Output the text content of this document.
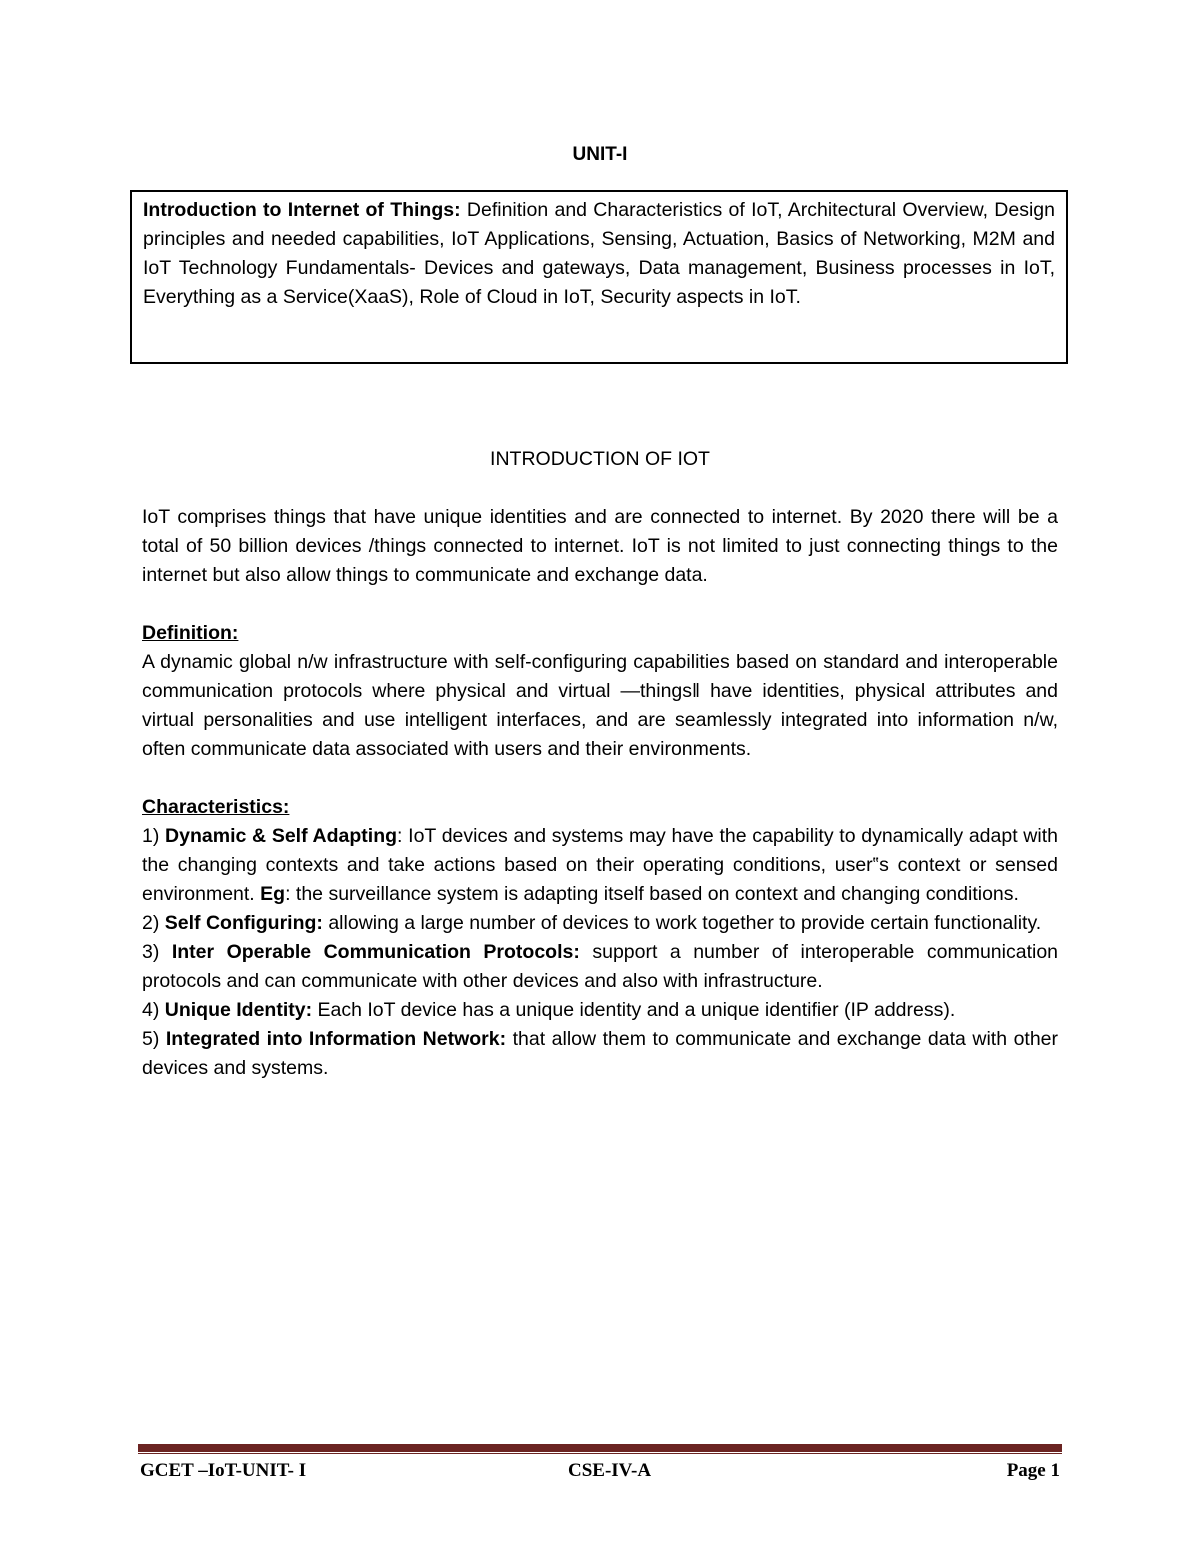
UNIT-I
Introduction to Internet of Things: Definition and Characteristics of IoT, Architectural Overview, Design principles and needed capabilities, IoT Applications, Sensing, Actuation, Basics of Networking, M2M and IoT Technology Fundamentals- Devices and gateways, Data management, Business processes in IoT, Everything as a Service(XaaS), Role of Cloud in IoT, Security aspects in IoT.
INTRODUCTION OF IOT

IoT comprises things that have unique identities and are connected to internet. By 2020 there will be a total of 50 billion devices /things connected to internet. IoT is not limited to just connecting things to the internet but also allow things to communicate and exchange data.

Definition:

A dynamic global n/w infrastructure with self-configuring capabilities based on standard and interoperable communication protocols where physical and virtual ―things‖ have identities, physical attributes and virtual personalities and use intelligent interfaces, and are seamlessly integrated into information n/w, often communicate data associated with users and their environments.

Characteristics:

1) Dynamic & Self Adapting: IoT devices and systems may have the capability to dynamically adapt with the changing contexts and take actions based on their operating conditions, user‟s context or sensed environment. Eg: the surveillance system is adapting itself based on context and changing conditions.

2) Self Configuring: allowing a large number of devices to work together to provide certain functionality.

3) Inter Operable Communication Protocols: support a number of interoperable communication protocols and can communicate with other devices and also with infrastructure.

4) Unique Identity: Each IoT device has a unique identity and a unique identifier (IP address).

5) Integrated into Information Network: that allow them to communicate and exchange data with other devices and systems.

GCET –IoT-UNIT- I	CSE-IV-A	Page 1
